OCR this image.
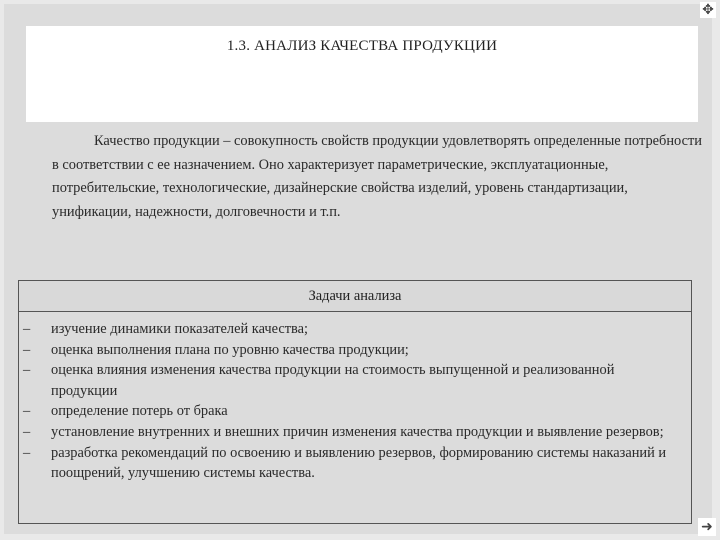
1.3. АНАЛИЗ КАЧЕСТВА ПРОДУКЦИИ

Качество продукции – совокупность свойств продукции удовлетворять определенные потребности в соответствии с ее назначением. Оно характеризует параметрические, эксплуатационные, потребительские, технологические, дизайнерские свойства изделий, уровень стандартизации, унификации, надежности, долговечности и т.п.

Задачи анализа
– изучение динамики показателей качества;
– оценка выполнения плана по уровню качества продукции;
– оценка влияния изменения качества продукции на стоимость выпущенной и реализованной продукции
– определение потерь от брака
– установление внутренних и внешних причин изменения качества продукции и выявление резервов;
– разработка рекомендаций по освоению и выявлению резервов, формированию системы наказаний и поощрений, улучшению системы качества.
✥
➜
